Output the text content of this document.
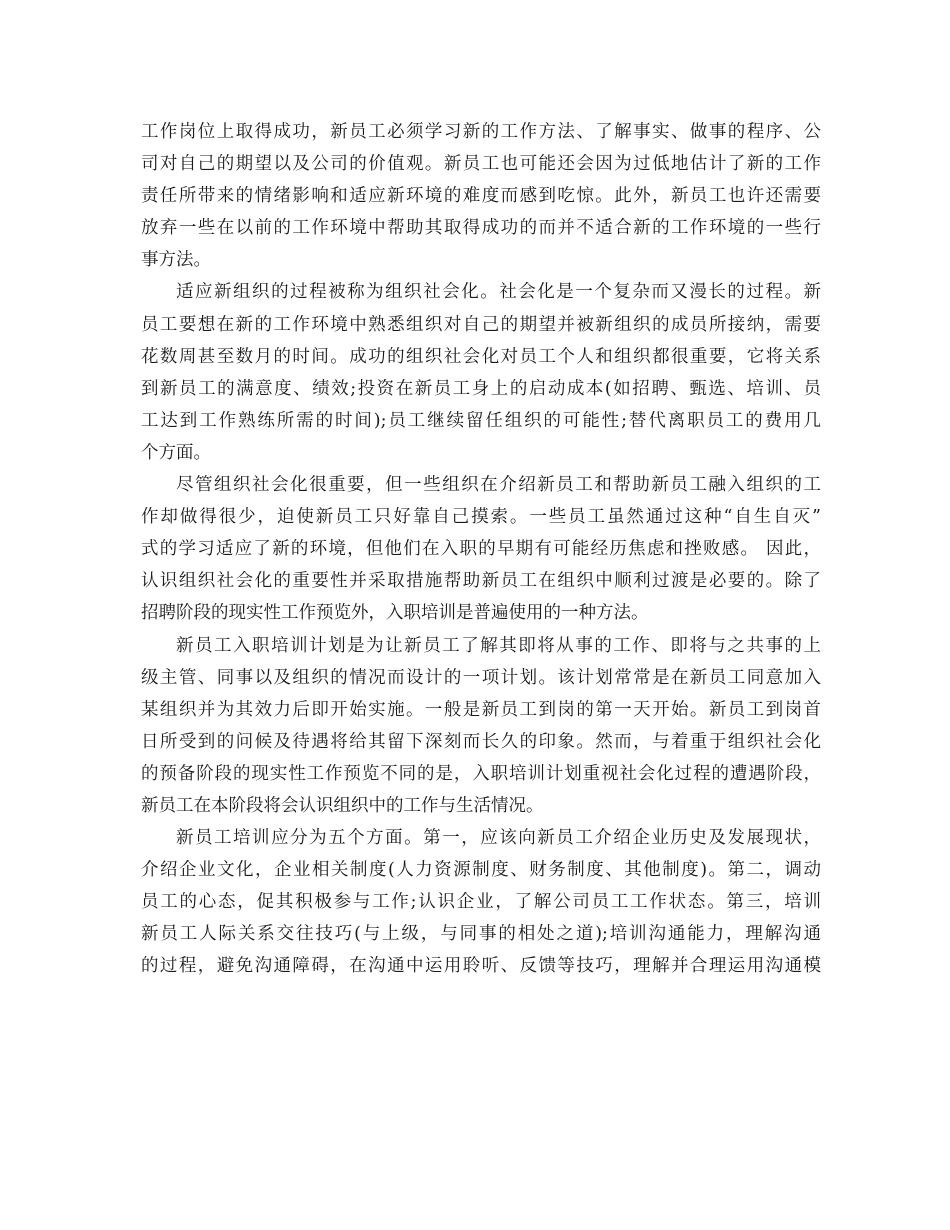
工作岗位上取得成功，新员工必须学习新的工作方法、了解事实、做事的程序、公
司对自己的期望以及公司的价值观。新员工也可能还会因为过低地估计了新的工作
责任所带来的情绪影响和适应新环境的难度而感到吃惊。此外，新员工也许还需要
放弃一些在以前的工作环境中帮助其取得成功的而并不适合新的工作环境的一些行
事方法。

适应新组织的过程被称为组织社会化。社会化是一个复杂而又漫长的过程。新
员工要想在新的工作环境中熟悉组织对自己的期望并被新组织的成员所接纳，需要
花数周甚至数月的时间。成功的组织社会化对员工个人和组织都很重要，它将关系
到新员工的满意度、绩效;投资在新员工身上的启动成本(如招聘、甄选、培训、员
工达到工作熟练所需的时间);员工继续留任组织的可能性;替代离职员工的费用几
个方面。

尽管组织社会化很重要，但一些组织在介绍新员工和帮助新员工融入组织的工
作却做得很少，迫使新员工只好靠自己摸索。一些员工虽然通过这种“自生自灭”
式的学习适应了新的环境，但他们在入职的早期有可能经历焦虑和挫败感。 因此，
认识组织社会化的重要性并采取措施帮助新员工在组织中顺利过渡是必要的。除了
招聘阶段的现实性工作预览外，入职培训是普遍使用的一种方法。

新员工入职培训计划是为让新员工了解其即将从事的工作、即将与之共事的上
级主管、同事以及组织的情况而设计的一项计划。该计划常常是在新员工同意加入
某组织并为其效力后即开始实施。一般是新员工到岗的第一天开始。新员工到岗首
日所受到的问候及待遇将给其留下深刻而长久的印象。然而，与着重于组织社会化
的预备阶段的现实性工作预览不同的是，入职培训计划重视社会化过程的遭遇阶段，
新员工在本阶段将会认识组织中的工作与生活情况。

新员工培训应分为五个方面。第一，应该向新员工介绍企业历史及发展现状，
介绍企业文化，企业相关制度(人力资源制度、财务制度、其他制度)。第二，调动
员工的心态，促其积极参与工作;认识企业，了解公司员工工作状态。第三，培训
新员工人际关系交往技巧(与上级，与同事的相处之道);培训沟通能力，理解沟通
的过程，避免沟通障碍，在沟通中运用聆听、反馈等技巧，理解并合理运用沟通模
